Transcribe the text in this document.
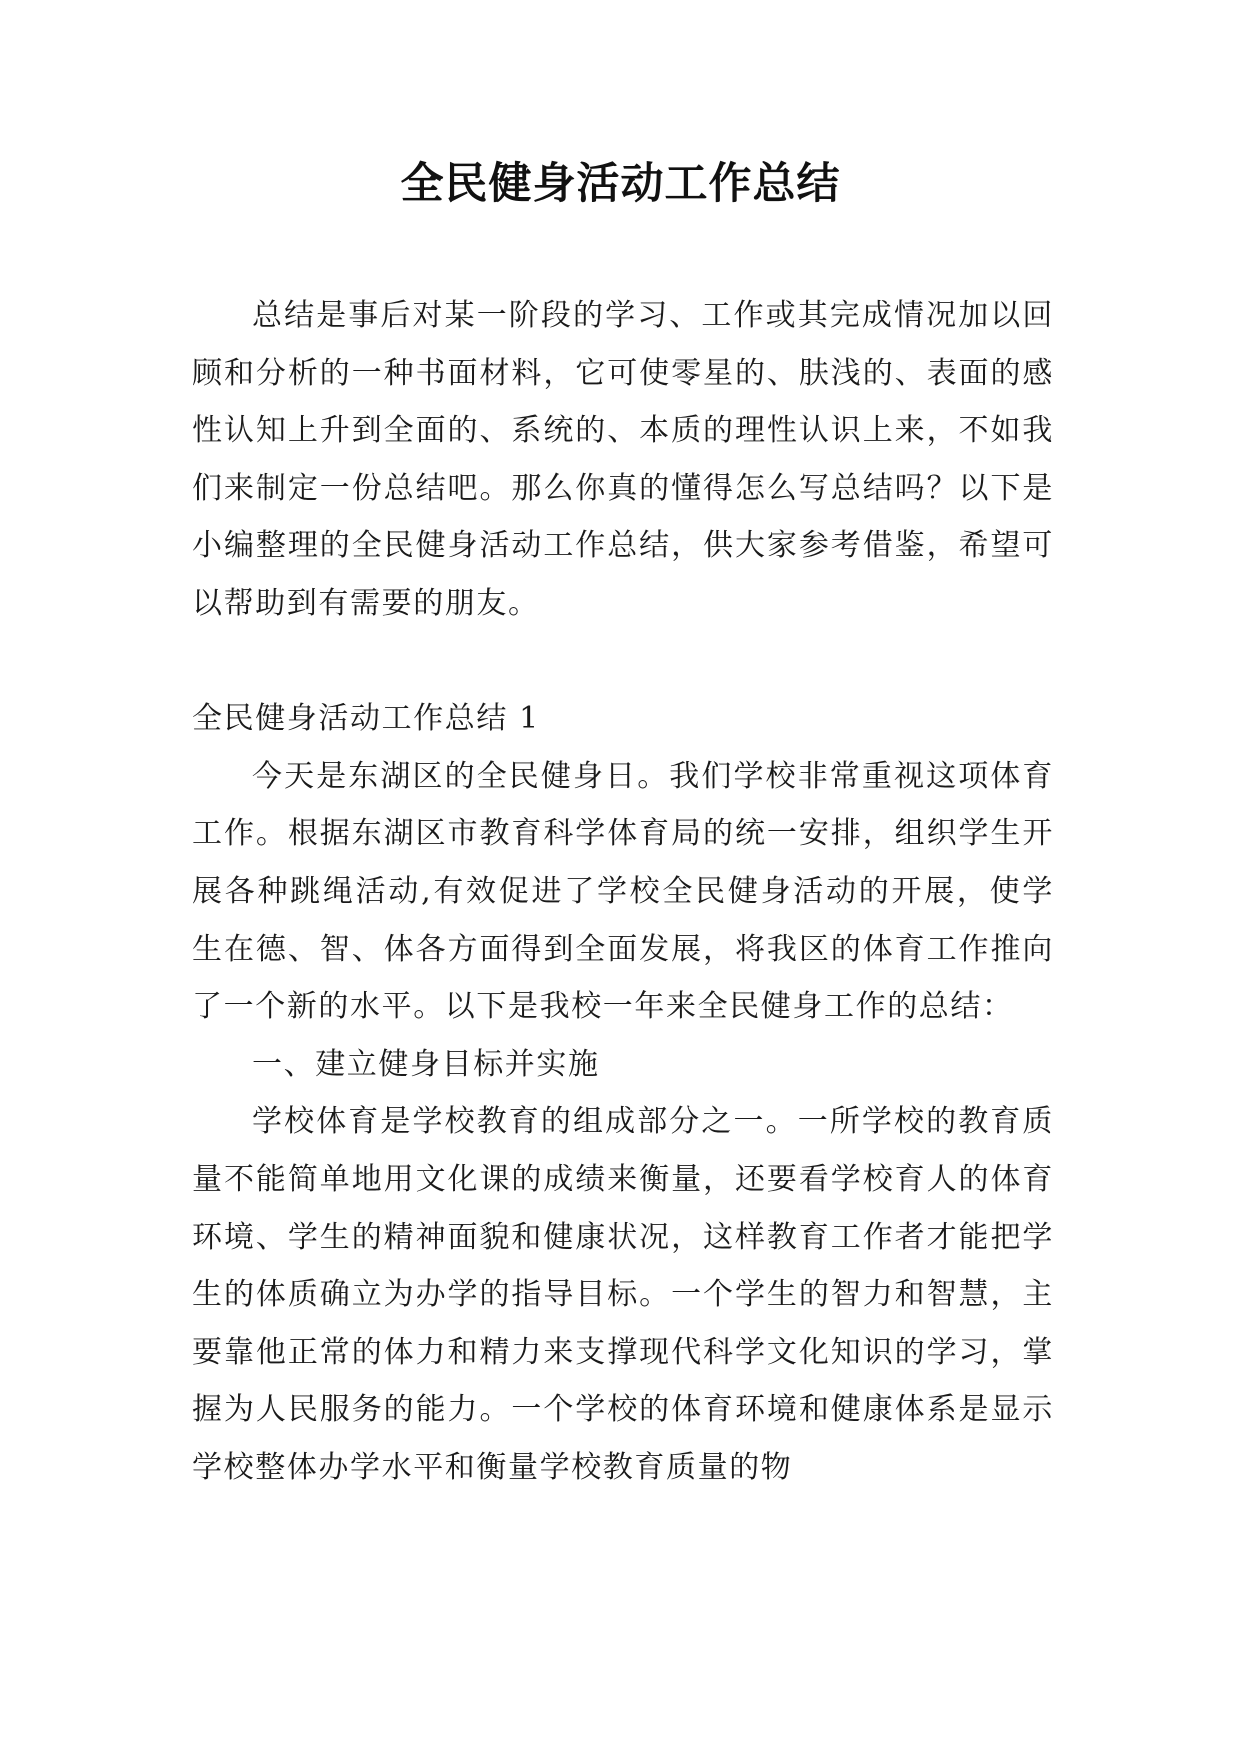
全民健身活动工作总结

总结是事后对某一阶段的学习、工作或其完成情况加以回顾和分析的一种书面材料，它可使零星的、肤浅的、表面的感性认知上升到全面的、系统的、本质的理性认识上来，不如我们来制定一份总结吧。那么你真的懂得怎么写总结吗？以下是小编整理的全民健身活动工作总结，供大家参考借鉴，希望可以帮助到有需要的朋友。

全民健身活动工作总结 1

今天是东湖区的全民健身日。我们学校非常重视这项体育工作。根据东湖区市教育科学体育局的统一安排，组织学生开展各种跳绳活动,有效促进了学校全民健身活动的开展，使学生在德、智、体各方面得到全面发展，将我区的体育工作推向了一个新的水平。以下是我校一年来全民健身工作的总结：

一、建立健身目标并实施

学校体育是学校教育的组成部分之一。一所学校的教育质量不能简单地用文化课的成绩来衡量，还要看学校育人的体育环境、学生的精神面貌和健康状况，这样教育工作者才能把学生的体质确立为办学的指导目标。一个学生的智力和智慧，主要靠他正常的体力和精力来支撑现代科学文化知识的学习，掌握为人民服务的能力。一个学校的体育环境和健康体系是显示学校整体办学水平和衡量学校教育质量的物
